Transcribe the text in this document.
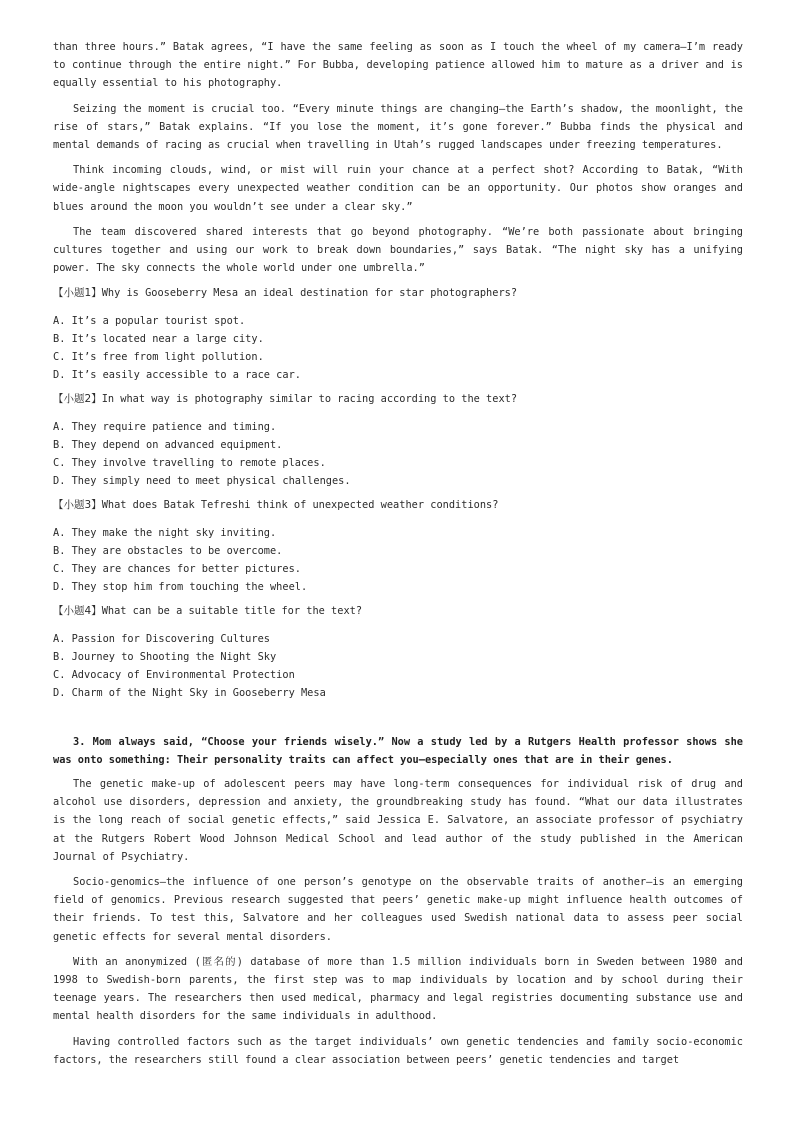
than three hours.” Batak agrees, “I have the same feeling as soon as I touch the wheel of my camera—I’m ready to continue through the entire night.” For Bubba, developing patience allowed him to mature as a driver and is equally essential to his photography.

Seizing the moment is crucial too. “Every minute things are changing—the Earth’s shadow, the moonlight, the rise of stars,” Batak explains. “If you lose the moment, it’s gone forever.” Bubba finds the physical and mental demands of racing as crucial when travelling in Utah’s rugged landscapes under freezing temperatures.

Think incoming clouds, wind, or mist will ruin your chance at a perfect shot? According to Batak, “With wide-angle nightscapes every unexpected weather condition can be an opportunity. Our photos show oranges and blues around the moon you wouldn’t see under a clear sky.”

The team discovered shared interests that go beyond photography. “We’re both passionate about bringing cultures together and using our work to break down boundaries,” says Batak. “The night sky has a unifying power. The sky connects the whole world under one umbrella.”

【小题1】Why is Gooseberry Mesa an ideal destination for star photographers?

A. It’s a popular tourist spot.

B. It’s located near a large city.

C. It’s free from light pollution.

D. It’s easily accessible to a race car.

【小题2】In what way is photography similar to racing according to the text?

A. They require patience and timing.

B. They depend on advanced equipment.

C. They involve travelling to remote places.

D. They simply need to meet physical challenges.

【小题3】What does Batak Tefreshi think of unexpected weather conditions?

A. They make the night sky inviting.

B. They are obstacles to be overcome.

C. They are chances for better pictures.

D. They stop him from touching the wheel.

【小题4】What can be a suitable title for the text?

A. Passion for Discovering Cultures

B. Journey to Shooting the Night Sky

C. Advocacy of Environmental Protection

D. Charm of the Night Sky in Gooseberry Mesa

3. Mom always said, “Choose your friends wisely.” Now a study led by a Rutgers Health professor shows she was onto something: Their personality traits can affect you—especially ones that are in their genes.

The genetic make-up of adolescent peers may have long-term consequences for individual risk of drug and alcohol use disorders, depression and anxiety, the groundbreaking study has found. “What our data illustrates is the long reach of social genetic effects,” said Jessica E. Salvatore, an associate professor of psychiatry at the Rutgers Robert Wood Johnson Medical School and lead author of the study published in the American Journal of Psychiatry.

Socio-genomics—the influence of one person’s genotype on the observable traits of another—is an emerging field of genomics. Previous research suggested that peers’ genetic make-up might influence health outcomes of their friends. To test this, Salvatore and her colleagues used Swedish national data to assess peer social genetic effects for several mental disorders.

With an anonymized (匿名的) database of more than 1.5 million individuals born in Sweden between 1980 and 1998 to Swedish-born parents, the first step was to map individuals by location and by school during their teenage years. The researchers then used medical, pharmacy and legal registries documenting substance use and mental health disorders for the same individuals in adulthood.

Having controlled factors such as the target individuals’ own genetic tendencies and family socio-economic factors, the researchers still found a clear association between peers’ genetic tendencies and target
